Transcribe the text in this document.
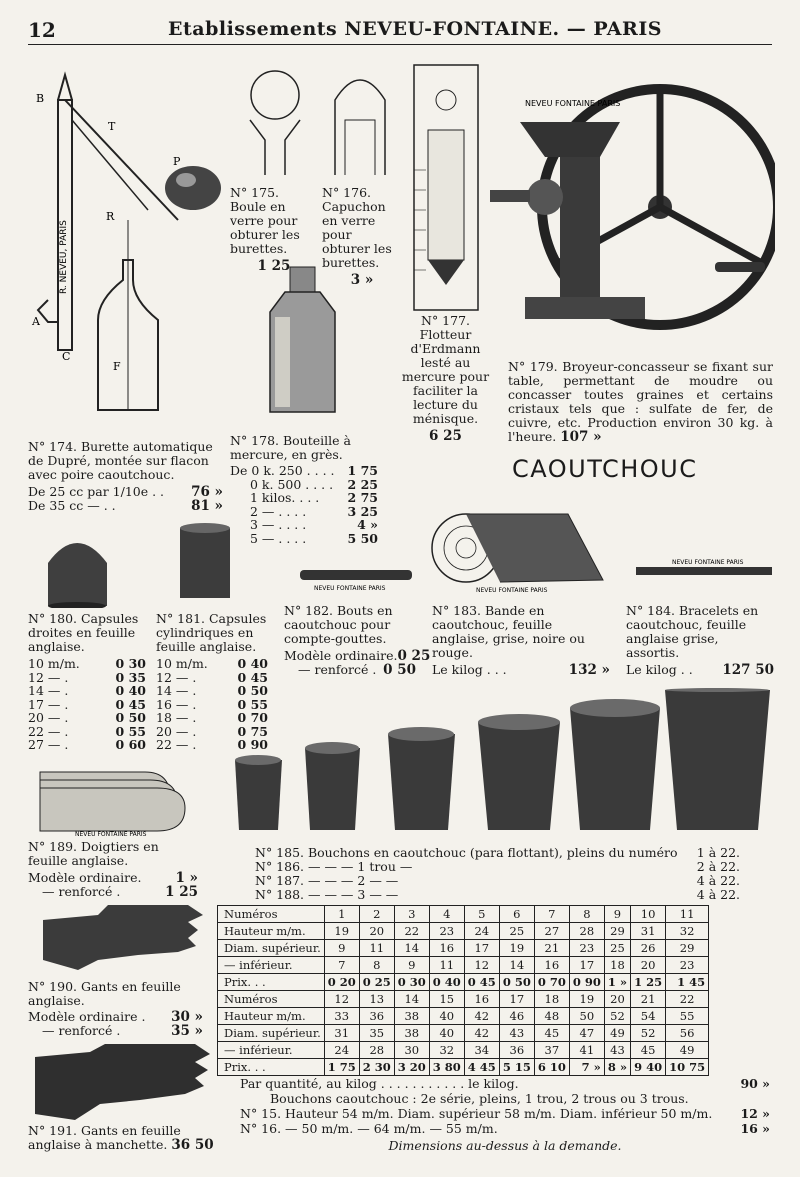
12	Etablissements NEVEU-FONTAINE. — PARIS
R. NEVEU, PARIS
B
T
P
R
A
C
F
N° 174. Burette automatique de Dupré, montée sur flacon avec poire caoutchouc.
De 25 cc par 1/10e . . 76 »
De 35 cc — . .	81 »
N° 175. Boule en verre pour obturer les burettes.
1 25
N° 176. Capuchon en verre pour obturer les burettes.
3 »
N° 177. Flotteur d'Erdmann lesté au mercure pour faciliter la lecture du ménisque.
6 25
N° 178. Bouteille à mercure, en grès.
De 0 k. 250 . . . . 1 75
0 k. 500 . . . . 2 25
1 kilos. . . . 2 75
2 — . . . .	3 25
3 — . . . .	4 »
5 — . . . .	5 50
NEVEU FONTAINE PARIS
N° 179. Broyeur-concasseur se fixant sur table, permettant de moudre ou concasser toutes graines et certains cristaux tels que : sulfate de fer, de cuivre, etc. Production environ 30 kg. à l'heure. 107 »
CAOUTCHOUC
N° 180. Capsules droites en feuille anglaise.
10 m/m.	0 30
12 — .	0 35
14 — .	0 40
17 — .	0 45
20 — .	0 50
22 — .	0 55
27 — .	0 60
N° 181. Capsules cylindriques en feuille anglaise.
10 m/m. 0 40
12 — .	0 45
14 — .	0 50
16 — .	0 55
18 — .	0 70
20 — .	0 75
22 — .	0 90
NEVEU FONTAINE PARIS	NEVEU FONTAINE PARIS
NEVEU FONTAINE PARIS
N° 182. Bouts en caoutchouc pour compte-gouttes.
Modèle ordinaire. 0 25
— renforcé . 0 50
N° 183. Bande en caoutchouc, feuille anglaise, grise, noire ou rouge.
Le kilog . . .	132 »
N° 184. Bracelets en caoutchouc, feuille anglaise grise, assortis.
Le kilog . . 127 50
NEVEU FONTAINE PARIS
N° 189. Doigtiers en feuille anglaise.
Modèle ordinaire.	1 »
— renforcé .	1 25
N° 185. Bouchons en caoutchouc (para flottant), pleins du numéro 1 à 22.
N° 186. — — — 1 trou —	2 à 22.
N° 187. — — — 2 — —	4 à 22.
N° 188. — — — 3 — —	4 à 22.
N° 190. Gants en feuille anglaise.
Modèle ordinaire . 30 »
— renforcé .	35 »
N° 191. Gants en feuille anglaise à manchette. 36 50
Numéros	1	2	3	4	5	6	7	8	9	10	11
Hauteur m/m.	19	20	22	23	24	25	27	28	29	31	32
Diam. supérieur.	9	11	14	16	17	19	21	23	25	26	29
— inférieur.	7	8	9	11	12	14	16	17	18	20	23
Prix. . .	0 20	0 25	0 30	0 40	0 45	0 50	0 70	0 90	1 »	1 25	1 45
Numéros	12	13	14	15	16	17	18	19	20	21	22
Hauteur m/m.	33	36	38	40	42	46	48	50	52	54	55
Diam. supérieur.	31	35	38	40	42	43	45	47	49	52	56
— inférieur.	24	28	30	32	34	36	37	41	43	45	49
Prix. . .	1 75	2 30	3 20	3 80	4 45	5 15	6 10	7 »	8 »	9 40	10 75
Par quantité, au kilog . . . . . . . . . . . le kilog.	90 »
Bouchons caoutchouc : 2e série, pleins, 1 trou, 2 trous ou 3 trous.
N° 15. Hauteur 54 m/m. Diam. supérieur 58 m/m. Diam. inférieur 50 m/m. 12 »
N° 16. — 50 m/m. — 64 m/m. — 55 m/m.	16 »
Dimensions au-dessus à la demande.
